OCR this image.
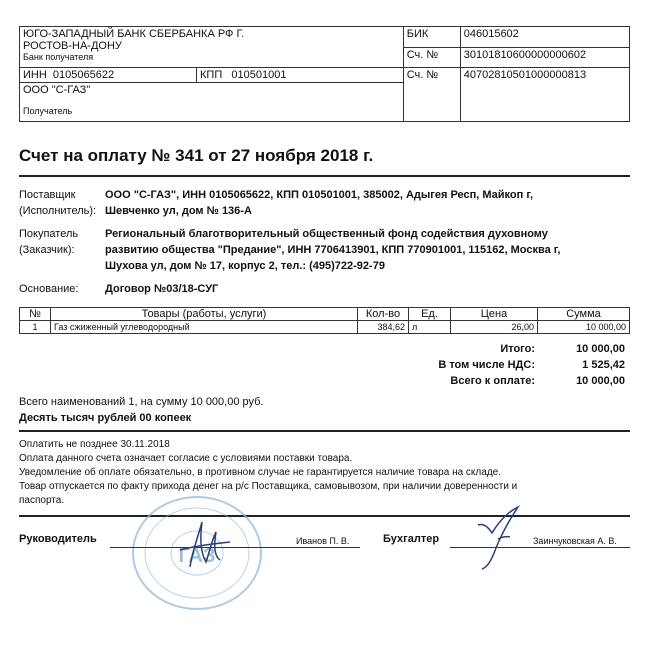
ЮГО-ЗАПАДНЫЙ БАНК СБЕРБАНКА РФ Г. РОСТОВ-НА-ДОНУ
Банк получателя		БИК	046015602
		Сч. №	30101810600000000602
ИНН 0105065622	КПП 010501001	Сч. №	40702810501000000813

ООО "С-ГАЗ"
Получатель			
Счет на оплату № 341 от 27 ноября 2018 г.
Поставщик
(Исполнитель):
ООО "С-ГАЗ", ИНН 0105065622, КПП 010501001, 385002, Адыгея Респ, Майкоп г,
Шевченко ул, дом № 136-А
Покупатель
(Заказчик):
Региональный благотворительный общественный фонд содействия духовному
развитию общества "Предание", ИНН 7706413901, КПП 770901001, 115162, Москва г,
Шухова ул, дом № 17, корпус 2, тел.: (495)722-92-79
Основание:	Договор №03/18-СУГ
№	Товары (работы, услуги)	Кол-во	Ед.	Цена	Сумма
1	Газ сжиженный углеводородный	384,62	л	26,00	10 000,00
Итого:	10 000,00
В том числе НДС:	1 525,42
Всего к оплате:	10 000,00
Всего наименований 1, на сумму 10 000,00 руб.
Десять тысяч рублей 00 копеек
Оплатить не позднее 30.11.2018
Оплата данного счета означает согласие с условиями поставки товара.
Уведомление об оплате обязательно, в противном случае не гарантируется наличие товара на складе.
Товар отпускается по факту прихода денег на р/с Поставщика, самовывозом, при наличии доверенности и
паспорта.
ГАЗ
Руководитель	Иванов П. В.	Бухгалтер	Заинчуковская А. В.
